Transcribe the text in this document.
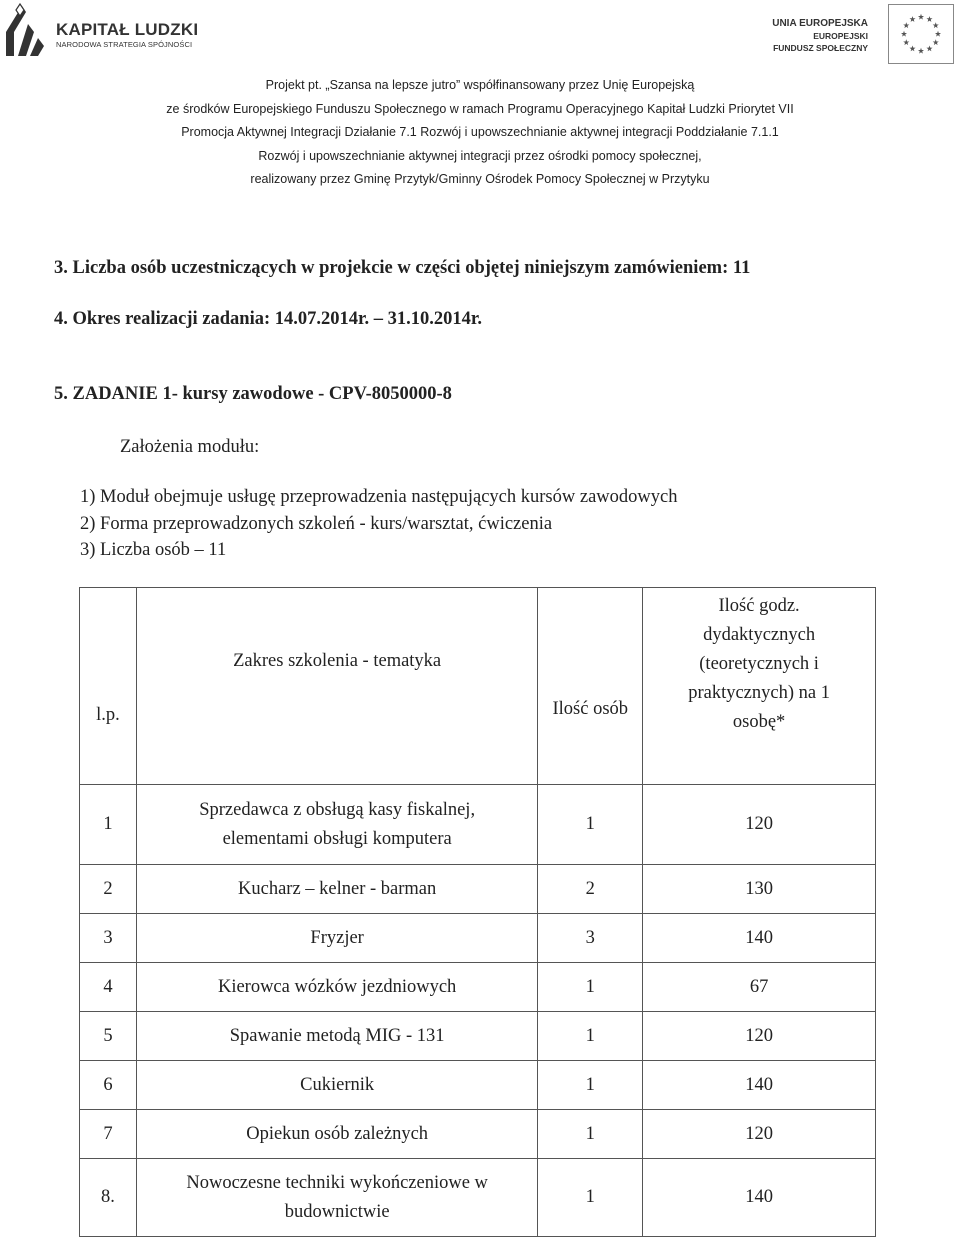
KAPITAŁ LUDZKI
NARODOWA STRATEGIA SPÓJNOŚCI
UNIA EUROPEJSKA
EUROPEJSKI
FUNDUSZ SPOŁECZNY
Projekt pt. „Szansa na lepsze jutro” współfinansowany przez Unię Europejską
ze środków Europejskiego Funduszu Społecznego w ramach Programu Operacyjnego Kapitał Ludzki Priorytet VII
Promocja Aktywnej Integracji Działanie 7.1 Rozwój i upowszechnianie aktywnej integracji Poddziałanie 7.1.1
Rozwój i upowszechnianie aktywnej integracji przez ośrodki pomocy społecznej,
realizowany przez Gminę Przytyk/Gminny Ośrodek Pomocy Społecznej w Przytyku
3. Liczba osób uczestniczących w projekcie w części objętej niniejszym zamówieniem: 11
4. Okres realizacji zadania: 14.07.2014r. – 31.10.2014r.
5. ZADANIE 1- kursy zawodowe - CPV-8050000-8
Założenia modułu:
1) Moduł obejmuje usługę przeprowadzenia następujących kursów zawodowych
2) Forma przeprowadzonych szkoleń - kurs/warsztat, ćwiczenia
3) Liczba osób – 11
l.p.	Zakres szkolenia - tematyka	Ilość osób	Ilość godz.
dydaktycznych
(teoretycznych i
praktycznych) na 1
osobę*

1	Sprzedawca z obsługą kasy fiskalnej,
elementami obsługi komputera	1	120
2	Kucharz – kelner - barman	2	130
3	Fryzjer	3	140
4	Kierowca wózków jezdniowych	1	67
5	Spawanie metodą MIG - 131	1	120
6	Cukiernik	1	140
7	Opiekun osób zależnych	1	120
8.	Nowoczesne techniki wykończeniowe w
budownictwie	1	140
